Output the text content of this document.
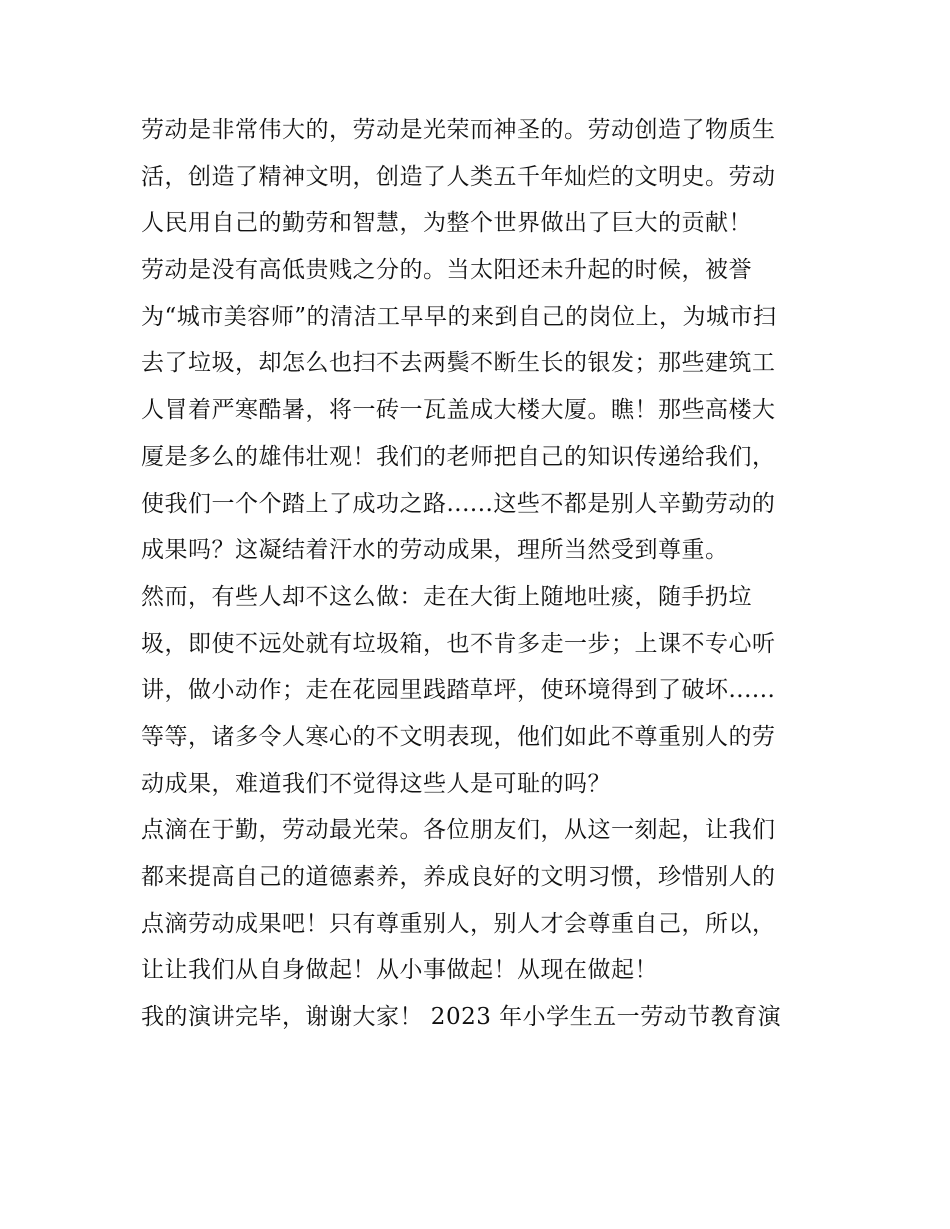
劳动是非常伟大的，劳动是光荣而神圣的。劳动创造了物质生
活，创造了精神文明，创造了人类五千年灿烂的文明史。劳动
人民用自己的勤劳和智慧，为整个世界做出了巨大的贡献！
劳动是没有高低贵贱之分的。当太阳还未升起的时候，被誉
为“城市美容师”的清洁工早早的来到自己的岗位上，为城市扫
去了垃圾，却怎么也扫不去两鬓不断生长的银发；那些建筑工
人冒着严寒酷暑，将一砖一瓦盖成大楼大厦。瞧！那些高楼大
厦是多么的雄伟壮观！我们的老师把自己的知识传递给我们，
使我们一个个踏上了成功之路......这些不都是别人辛勤劳动的
成果吗？这凝结着汗水的劳动成果，理所当然受到尊重。
然而，有些人却不这么做：走在大街上随地吐痰，随手扔垃
圾，即使不远处就有垃圾箱，也不肯多走一步；上课不专心听
讲，做小动作；走在花园里践踏草坪，使环境得到了破坏......
等等，诸多令人寒心的不文明表现，他们如此不尊重别人的劳
动成果，难道我们不觉得这些人是可耻的吗？
点滴在于勤，劳动最光荣。各位朋友们，从这一刻起，让我们
都来提高自己的道德素养，养成良好的文明习惯，珍惜别人的
点滴劳动成果吧！只有尊重别人，别人才会尊重自己，所以，
让让我们从自身做起！从小事做起！从现在做起！
我的演讲完毕，谢谢大家！ 2023 年小学生五一劳动节教育演
